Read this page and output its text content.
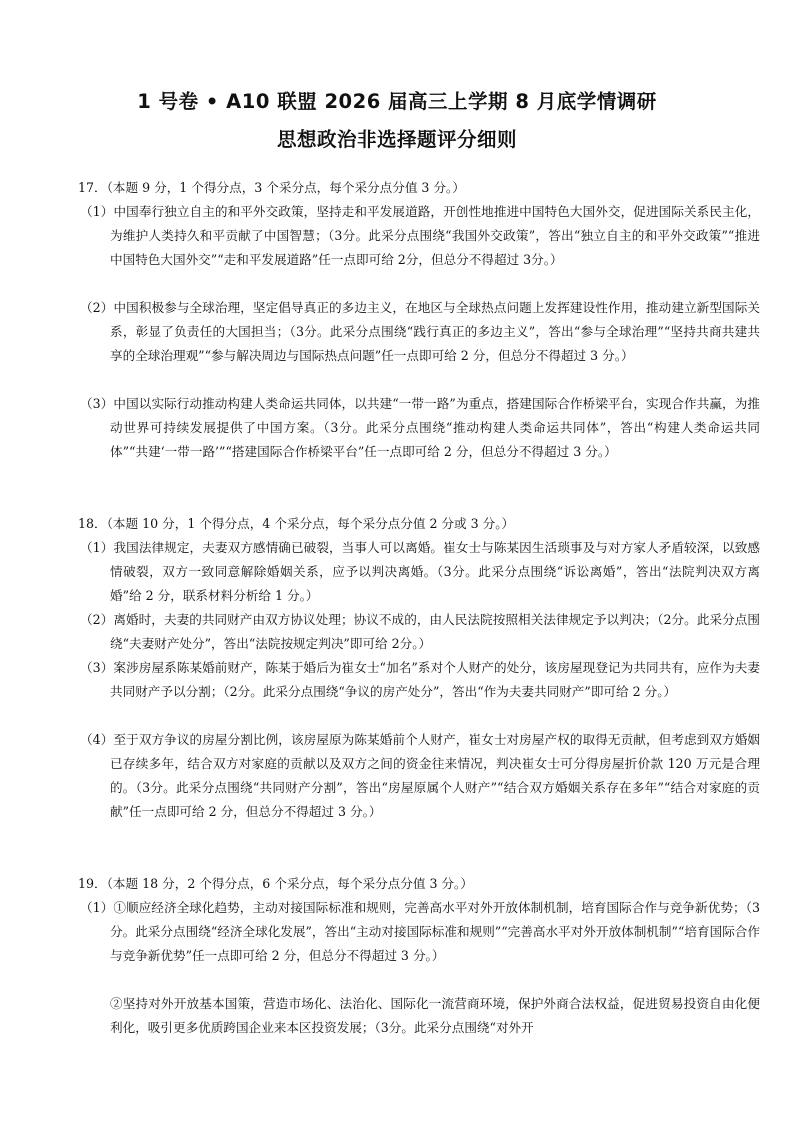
1 号卷 • A10 联盟 2026 届高三上学期 8 月底学情调研
思想政治非选择题评分细则
17．（本题 9 分，1 个得分点，3 个采分点，每个采分点分值 3 分。）
（1）中国奉行独立自主的和平外交政策，坚持走和平发展道路，开创性地推进中国特色大国外交，促进国际关系民主化，为维护人类持久和平贡献了中国智慧；（3分。此采分点围绕“我国外交政策”，答出“独立自主的和平外交政策”“推进中国特色大国外交”“走和平发展道路”任一点即可给 2分，但总分不得超过 3分。）
（2）中国积极参与全球治理，坚定倡导真正的多边主义，在地区与全球热点问题上发挥建设性作用，推动建立新型国际关系，彰显了负责任的大国担当；（3分。此采分点围绕“践行真正的多边主义”，答出“参与全球治理”“坚持共商共建共享的全球治理观”“参与解决周边与国际热点问题”任一点即可给 2 分，但总分不得超过 3 分。）
（3）中国以实际行动推动构建人类命运共同体，以共建“一带一路”为重点，搭建国际合作桥梁平台，实现合作共赢，为推动世界可持续发展提供了中国方案。（3分。此采分点围绕“推动构建人类命运共同体”，答出“构建人类命运共同体”“共建‘一带一路’”“搭建国际合作桥梁平台”任一点即可给 2 分，但总分不得超过 3 分。）
18．（本题 10 分，1 个得分点，4 个采分点，每个采分点分值 2 分或 3 分。）
（1）我国法律规定，夫妻双方感情确已破裂，当事人可以离婚。崔女士与陈某因生活琐事及与对方家人矛盾较深，以致感情破裂，双方一致同意解除婚姻关系，应予以判决离婚。（3分。此采分点围绕“诉讼离婚”，答出“法院判决双方离婚”给 2 分，联系材料分析给 1 分。）
（2）离婚时，夫妻的共同财产由双方协议处理；协议不成的，由人民法院按照相关法律规定予以判决；（2分。此采分点围绕“夫妻财产处分”，答出“法院按规定判决”即可给 2分。）
（3）案涉房屋系陈某婚前财产，陈某于婚后为崔女士“加名”系对个人财产的处分，该房屋现登记为共同共有，应作为夫妻共同财产予以分割；（2分。此采分点围绕“争议的房产处分”，答出“作为夫妻共同财产”即可给 2 分。）
（4）至于双方争议的房屋分割比例，该房屋原为陈某婚前个人财产，崔女士对房屋产权的取得无贡献，但考虑到双方婚姻已存续多年，结合双方对家庭的贡献以及双方之间的资金往来情况，判决崔女士可分得房屋折价款 120 万元是合理的。（3分。此采分点围绕“共同财产分割”，答出“房屋原属个人财产”“结合双方婚姻关系存在多年”“结合对家庭的贡献”任一点即可给 2 分，但总分不得超过 3 分。）
19．（本题 18 分，2 个得分点，6 个采分点，每个采分点分值 3 分。）
（1）①顺应经济全球化趋势，主动对接国际标准和规则，完善高水平对外开放体制机制，培育国际合作与竞争新优势；（3分。此采分点围绕“经济全球化发展”，答出“主动对接国际标准和规则”“完善高水平对外开放体制机制”“培育国际合作与竞争新优势”任一点即可给 2 分，但总分不得超过 3 分。）
②坚持对外开放基本国策，营造市场化、法治化、国际化一流营商环境，保护外商合法权益，促进贸易投资自由化便利化，吸引更多优质跨国企业来本区投资发展；（3分。此采分点围绕“对外开
